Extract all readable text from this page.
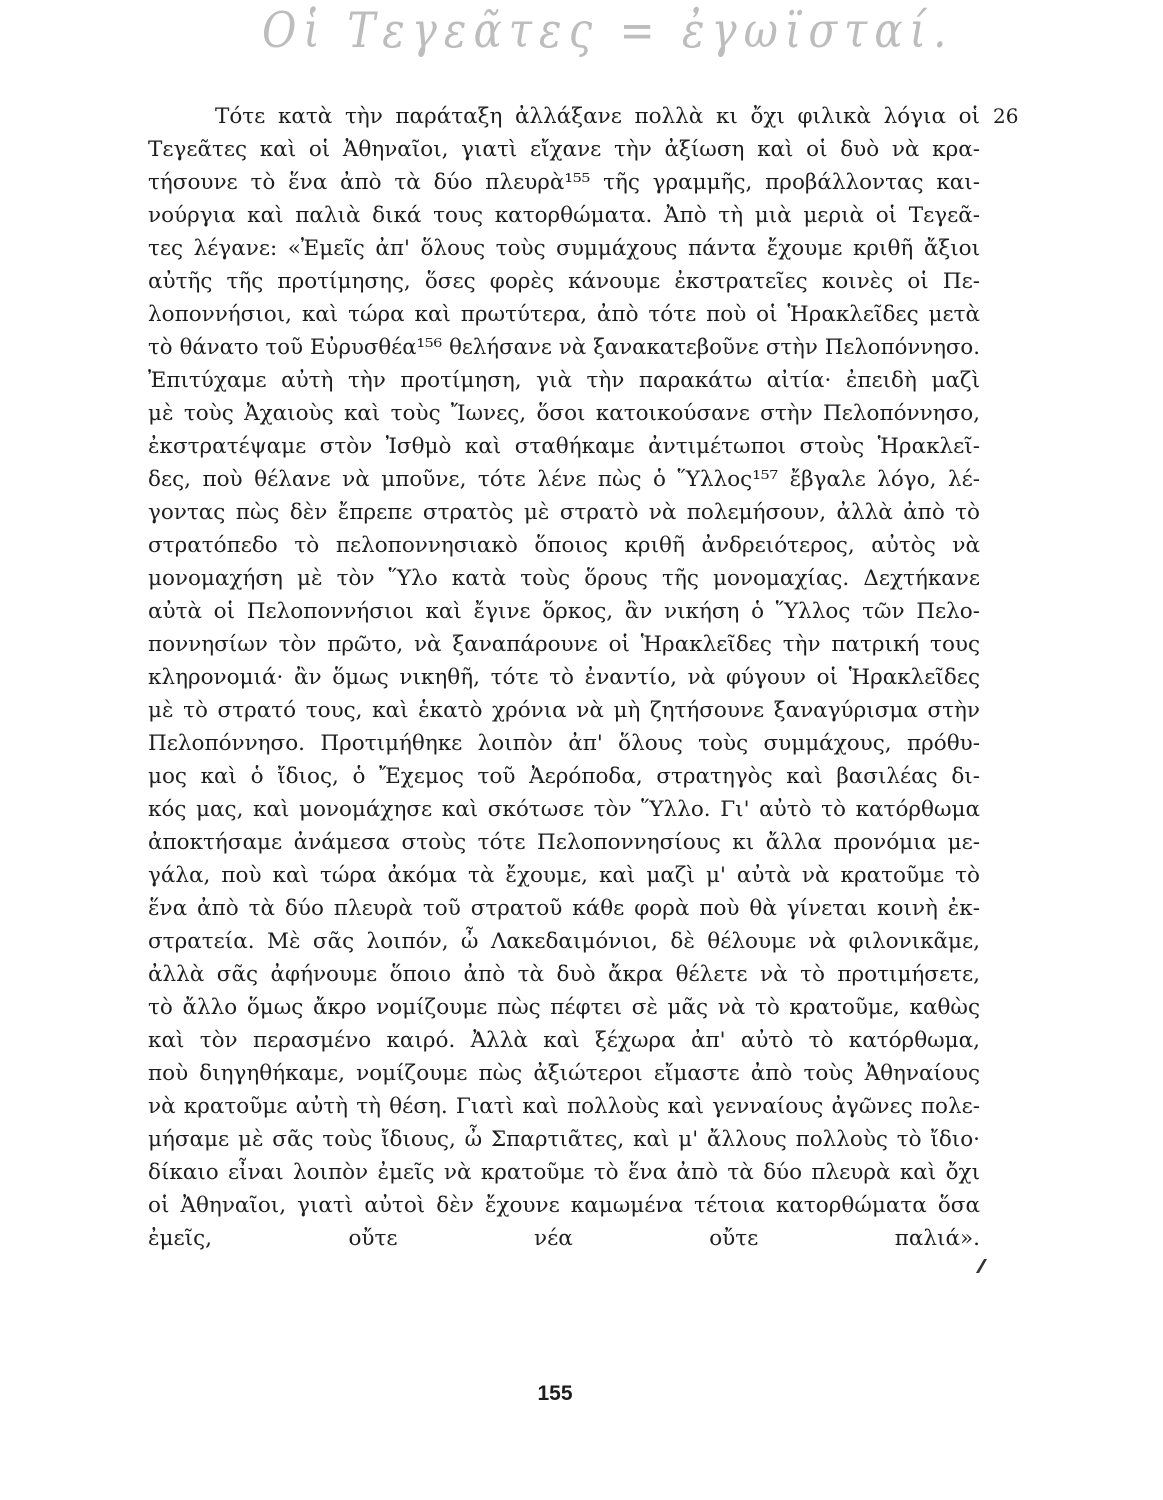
Οἱ Τεγεᾶτες = ἐγωϊσταί.
26
Τότε κατὰ τὴν παράταξη ἀλλάξανε πολλὰ κι ὄχι φιλικὰ λόγια οἱ
Τεγεᾶτες καὶ οἱ Ἀθηναῖοι, γιατὶ εἴχανε τὴν ἀξίωση καὶ οἱ δυὸ νὰ κρα-
τήσουνε τὸ ἕνα ἀπὸ τὰ δύο πλευρὰ¹⁵⁵ τῆς γραμμῆς, προβάλλοντας και-
νούργια καὶ παλιὰ δικά τους κατορθώματα. Ἀπὸ τὴ μιὰ μεριὰ οἱ Τεγεᾶ-
τες λέγανε: «Ἐμεῖς ἀπ' ὅλους τοὺς συμμάχους πάντα ἔχουμε κριθῆ ἄξιοι
αὐτῆς τῆς προτίμησης, ὅσες φορὲς κάνουμε ἐκστρατεῖες κοινὲς οἱ Πε-
λοποννήσιοι, καὶ τώρα καὶ πρωτύτερα, ἀπὸ τότε ποὺ οἱ Ἡρακλεῖδες μετὰ
τὸ θάνατο τοῦ Εὐρυσθέα¹⁵⁶ θελήσανε νὰ ξανακατεβοῦνε στὴν Πελοπόννησο.
Ἐπιτύχαμε αὐτὴ τὴν προτίμηση, γιὰ τὴν παρακάτω αἰτία· ἐπειδὴ μαζὶ
μὲ τοὺς Ἀχαιοὺς καὶ τοὺς Ἴωνες, ὅσοι κατοικούσανε στὴν Πελοπόννησο,
ἐκστρατέψαμε στὸν Ἰσθμὸ καὶ σταθήκαμε ἀντιμέτωποι στοὺς Ἡρακλεῖ-
δες, ποὺ θέλανε νὰ μποῦνε, τότε λένε πὼς ὁ Ὕλλος¹⁵⁷ ἔβγαλε λόγο, λέ-
γοντας πὼς δὲν ἔπρεπε στρατὸς μὲ στρατὸ νὰ πολεμήσουν, ἀλλὰ ἀπὸ τὸ
στρατόπεδο τὸ πελοποννησιακὸ ὅποιος κριθῆ ἀνδρειότερος, αὐτὸς νὰ
μονομαχήση μὲ τὸν Ὕλο κατὰ τοὺς ὅρους τῆς μονομαχίας. Δεχτήκανε
αὐτὰ οἱ Πελοποννήσιοι καὶ ἔγινε ὅρκος, ἂν νικήση ὁ Ὕλλος τῶν Πελο-
ποννησίων τὸν πρῶτο, νὰ ξαναπάρουνε οἱ Ἡρακλεῖδες τὴν πατρική τους
κληρονομιά· ἂν ὅμως νικηθῆ, τότε τὸ ἐναντίο, νὰ φύγουν οἱ Ἡρακλεῖδες
μὲ τὸ στρατό τους, καὶ ἑκατὸ χρόνια νὰ μὴ ζητήσουνε ξαναγύρισμα στὴν
Πελοπόννησο. Προτιμήθηκε λοιπὸν ἀπ' ὅλους τοὺς συμμάχους, πρόθυ-
μος καὶ ὁ ἴδιος, ὁ Ἔχεμος τοῦ Ἀερόποδα, στρατηγὸς καὶ βασιλέας δι-
κός μας, καὶ μονομάχησε καὶ σκότωσε τὸν Ὕλλο. Γι' αὐτὸ τὸ κατόρθωμα
ἀποκτήσαμε ἀνάμεσα στοὺς τότε Πελοποννησίους κι ἄλλα προνόμια με-
γάλα, ποὺ καὶ τώρα ἀκόμα τὰ ἔχουμε, καὶ μαζὶ μ' αὐτὰ νὰ κρατοῦμε τὸ
ἕνα ἀπὸ τὰ δύο πλευρὰ τοῦ στρατοῦ κάθε φορὰ ποὺ θὰ γίνεται κοινὴ ἐκ-
στρατεία. Μὲ σᾶς λοιπόν, ὦ Λακεδαιμόνιοι, δὲ θέλουμε νὰ φιλονικᾶμε,
ἀλλὰ σᾶς ἀφήνουμε ὅποιο ἀπὸ τὰ δυὸ ἄκρα θέλετε νὰ τὸ προτιμήσετε,
τὸ ἄλλο ὅμως ἄκρο νομίζουμε πὼς πέφτει σὲ μᾶς νὰ τὸ κρατοῦμε, καθὼς
καὶ τὸν περασμένο καιρό. Ἀλλὰ καὶ ξέχωρα ἀπ' αὐτὸ τὸ κατόρθωμα,
ποὺ διηγηθήκαμε, νομίζουμε πὼς ἀξιώτεροι εἴμαστε ἀπὸ τοὺς Ἀθηναίους
νὰ κρατοῦμε αὐτὴ τὴ θέση. Γιατὶ καὶ πολλοὺς καὶ γενναίους ἀγῶνες πολε-
μήσαμε μὲ σᾶς τοὺς ἴδιους, ὦ Σπαρτιᾶτες, καὶ μ' ἄλλους πολλοὺς τὸ ἴδιο·
δίκαιο εἶναι λοιπὸν ἐμεῖς νὰ κρατοῦμε τὸ ἕνα ἀπὸ τὰ δύο πλευρὰ καὶ ὄχι
οἱ Ἀθηναῖοι, γιατὶ αὐτοὶ δὲν ἔχουνε καμωμένα τέτοια κατορθώματα ὅσα
ἐμεῖς, οὔτε νέα οὔτε παλιά».
155
